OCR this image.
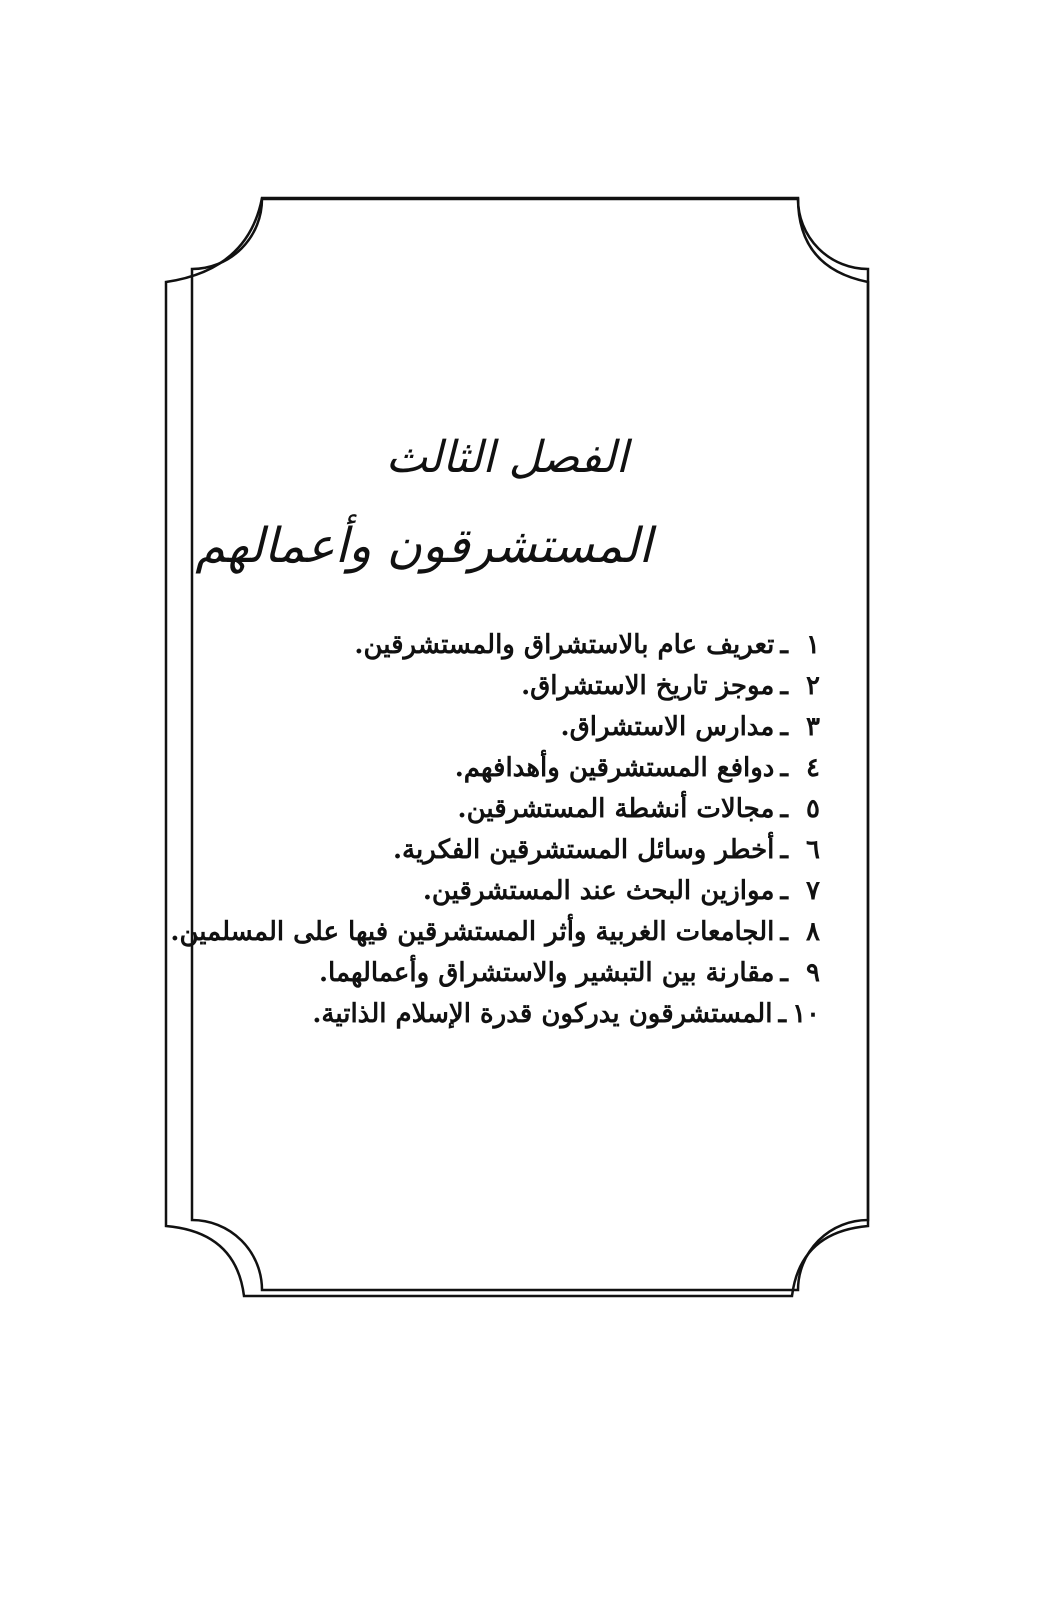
الفصل الثالث
المستشرقون وأعمالهم
١ـتعريف عام بالاستشراق والمستشرقين.
٢ـموجز تاريخ الاستشراق.
٣ـمدارس الاستشراق.
٤ـدوافع المستشرقين وأهدافهم.
٥ـمجالات أنشطة المستشرقين.
٦ـأخطر وسائل المستشرقين الفكرية.
٧ـموازين البحث عند المستشرقين.
٨ـالجامعات الغربية وأثر المستشرقين فيها على المسلمين.
٩ـمقارنة بين التبشير والاستشراق وأعمالهما.
١٠ـالمستشرقون يدركون قدرة الإسلام الذاتية.
